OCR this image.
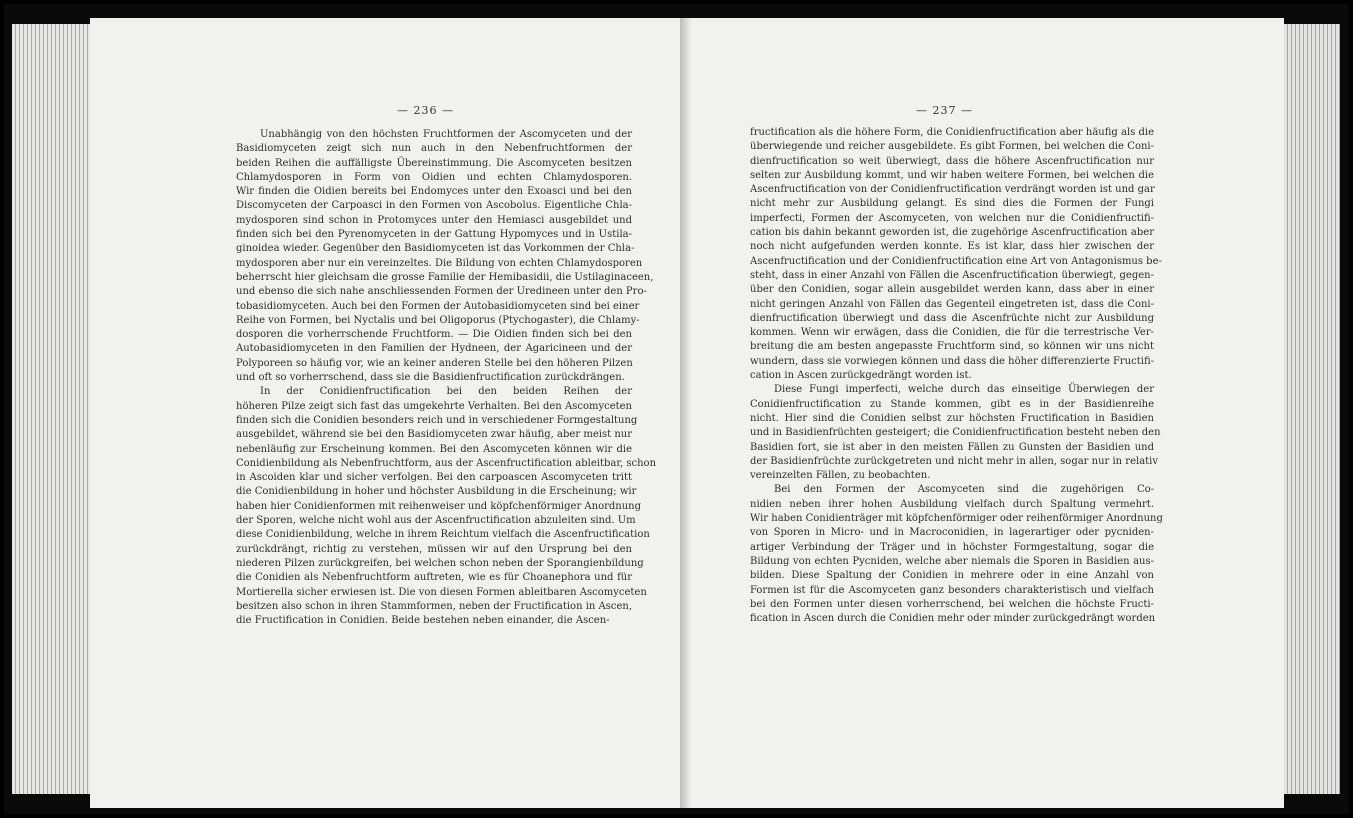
— 236 —
Unabhängig von den höchsten Fruchtformen der Ascomyceten und der
Basidiomyceten zeigt sich nun auch in den Nebenfruchtformen der
beiden Reihen die auffälligste Übereinstimmung. Die Ascomyceten besitzen
Chlamydosporen in Form von Oidien und echten Chlamydosporen.
Wir finden die Oidien bereits bei Endomyces unter den Exoasci und bei den
Discomyceten der Carpoasci in den Formen von Ascobolus. Eigentliche Chla-
mydosporen sind schon in Protomyces unter den Hemiasci ausgebildet und
finden sich bei den Pyrenomyceten in der Gattung Hypomyces und in Ustila-
ginoidea wieder. Gegenüber den Basidiomyceten ist das Vorkommen der Chla-
mydosporen aber nur ein vereinzeltes. Die Bildung von echten Chlamydosporen
beherrscht hier gleichsam die grosse Familie der Hemibasidii, die Ustilaginaceen,
und ebenso die sich nahe anschliessenden Formen der Uredineen unter den Pro-
tobasidiomyceten. Auch bei den Formen der Autobasidiomyceten sind bei einer
Reihe von Formen, bei Nyctalis und bei Oligoporus (Ptychogaster), die Chlamy-
dosporen die vorherrschende Fruchtform. — Die Oidien finden sich bei den
Autobasidiomyceten in den Familien der Hydneen, der Agaricineen und der
Polyporeen so häufig vor, wie an keiner anderen Stelle bei den höheren Pilzen
und oft so vorherrschend, dass sie die Basidienfructification zurückdrängen.
In der Conidienfructification bei den beiden Reihen der
höheren Pilze zeigt sich fast das umgekehrte Verhalten. Bei den Ascomyceten
finden sich die Conidien besonders reich und in verschiedener Formgestaltung
ausgebildet, während sie bei den Basidiomyceten zwar häufig, aber meist nur
nebenläufig zur Erscheinung kommen. Bei den Ascomyceten können wir die
Conidienbildung als Nebenfruchtform, aus der Ascenfructification ableitbar, schon
in Ascoiden klar und sicher verfolgen. Bei den carpoascen Ascomyceten tritt
die Conidienbildung in hoher und höchster Ausbildung in die Erscheinung; wir
haben hier Conidienformen mit reihenweiser und köpfchenförmiger Anordnung
der Sporen, welche nicht wohl aus der Ascenfructification abzuleiten sind. Um
diese Conidienbildung, welche in ihrem Reichtum vielfach die Ascenfructification
zurückdrängt, richtig zu verstehen, müssen wir auf den Ursprung bei den
niederen Pilzen zurückgreifen, bei welchen schon neben der Sporangienbildung
die Conidien als Nebenfruchtform auftreten, wie es für Choanephora und für
Mortierella sicher erwiesen ist. Die von diesen Formen ableitbaren Ascomyceten
besitzen also schon in ihren Stammformen, neben der Fructification in Ascen,
die Fructification in Conidien. Beide bestehen neben einander, die Ascen-
— 237 —
fructification als die höhere Form, die Conidienfructification aber häufig als die
überwiegende und reicher ausgebildete. Es gibt Formen, bei welchen die Coni-
dienfructification so weit überwiegt, dass die höhere Ascenfructification nur
selten zur Ausbildung kommt, und wir haben weitere Formen, bei welchen die
Ascenfructification von der Conidienfructification verdrängt worden ist und gar
nicht mehr zur Ausbildung gelangt. Es sind dies die Formen der Fungi
imperfecti, Formen der Ascomyceten, von welchen nur die Conidienfructifi-
cation bis dahin bekannt geworden ist, die zugehörige Ascenfructification aber
noch nicht aufgefunden werden konnte. Es ist klar, dass hier zwischen der
Ascenfructification und der Conidienfructification eine Art von Antagonismus be-
steht, dass in einer Anzahl von Fällen die Ascenfructification überwiegt, gegen-
über den Conidien, sogar allein ausgebildet werden kann, dass aber in einer
nicht geringen Anzahl von Fällen das Gegenteil eingetreten ist, dass die Coni-
dienfructification überwiegt und dass die Ascenfrüchte nicht zur Ausbildung
kommen. Wenn wir erwägen, dass die Conidien, die für die terrestrische Ver-
breitung die am besten angepasste Fruchtform sind, so können wir uns nicht
wundern, dass sie vorwiegen können und dass die höher differenzierte Fructifi-
cation in Ascen zurückgedrängt worden ist.
Diese Fungi imperfecti, welche durch das einseitige Überwiegen der
Conidienfructification zu Stande kommen, gibt es in der Basidienreihe
nicht. Hier sind die Conidien selbst zur höchsten Fructification in Basidien
und in Basidienfrüchten gesteigert; die Conidienfructification besteht neben den
Basidien fort, sie ist aber in den meisten Fällen zu Gunsten der Basidien und
der Basidienfrüchte zurückgetreten und nicht mehr in allen, sogar nur in relativ
vereinzelten Fällen, zu beobachten.
Bei den Formen der Ascomyceten sind die zugehörigen Co-
nidien neben ihrer hohen Ausbildung vielfach durch Spaltung vermehrt.
Wir haben Conidienträger mit köpfchenförmiger oder reihenförmiger Anordnung
von Sporen in Micro- und in Macroconidien, in lagerartiger oder pycniden-
artiger Verbindung der Träger und in höchster Formgestaltung, sogar die
Bildung von echten Pycniden, welche aber niemals die Sporen in Basidien aus-
bilden. Diese Spaltung der Conidien in mehrere oder in eine Anzahl von
Formen ist für die Ascomyceten ganz besonders charakteristisch und vielfach
bei den Formen unter diesen vorherrschend, bei welchen die höchste Fructi-
fication in Ascen durch die Conidien mehr oder minder zurückgedrängt worden
